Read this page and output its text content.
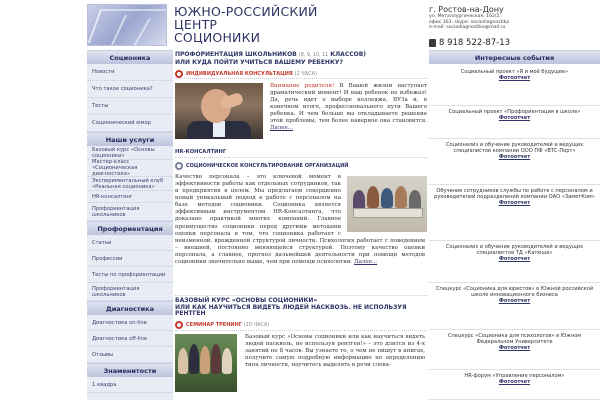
ЮЖНО-РОССИЙСКИЙ
ЦЕНТР
СОЦИОНИКИ
г. Ростов-на-Дону
ул. Металлургическая, 102/2,
офис 303, skype: sociodiagnostika
e-mail: sociodiagnostika@mail.ru
8 918 522-87-13
Соционика
Новости
Что такое соционика?
Тесты
Соционический юмор
Наши услуги
Базовый курс «Основы соционики»
Мастер-класс «Соционическая диагностика»
Экспериментальный клуб «Реальная соционика»
HR-консалтинг
Профориентация школьников
Профориентация
Статьи
Профессии
Тесты по профориентации
Профориентация школьников
Диагностика
Диагностика on-line
Диагностика off-line
Отзывы
Знаменитости
1 квадра
ПРОФОРИЕНТАЦИЯ ШКОЛЬНИКОВ (8, 9, 10, 11 КЛАССОВ)
ИЛИ КУДА ПОЙТИ УЧИТЬСЯ ВАШЕМУ РЕБЕНКУ?
ИНДИВИДУАЛЬНАЯ КОНСУЛЬТАЦИЯ (2 ЧАСА)
Внимание родители! В Вашей жизни наступает драматический момент! И ваш ребенок не избежал! Да, речь идет о выборе колледжа, ВУЗа и, в конечном итоге, профессионального пути Вашего ребенка. И чем больше вы откладываете решение этой проблемы, тем более наверное она становится. Далее...
HR-КОНСАЛТИНГ
СОЦИОНИЧЕСКОЕ КОНСУЛЬТИРОВАНИЕ ОРГАНИЗАЦИЙ
Качество персонала – это ключевой момент в эффективности работы как отдельных сотрудников, так и предприятия в целом. Мы предлагаем совершенно новый уникальный подход к работе с персоналом на базе методов соционики. Соционика является эффективным инструментом HR-Консалтинга, что доказано практикой многих компаний. Главное преимущество соционики перед другими методами оценки персонала в том, что соционика работает с неизменной, врожденной структурой личности. Психология работает с поведением – внешней, постоянно меняющейся структурой. Поэтому качество оценки персонала, а главное, прогноз дальнейшей деятельности при помощи методов соционики значительно выше, чем при помощи психологии. Далее...
БАЗОВЫЙ КУРС «ОСНОВЫ СОЦИОНИКИ»
ИЛИ КАК НАУЧИТЬСЯ ВИДЕТЬ ЛЮДЕЙ НАСКВОЗЬ. НЕ ИСПОЛЬЗУЯ РЕНТГЕН
СЕМИНАР ТРЕНИНГ (20 ЧАСА)
Базовый курс «Основы соционики или как научиться видеть людей насквозь, не используя рентген!» – это длится из 4-х занятий по 8 часов. Вы узнаете то, о чем не пишут в книгах, получите самую подробную информацию по определению типа личности, научитесь выделять в речи слова-
Интересные события
Социальный проект «Я и моё будущее»
Фотоотчет
Социальный проект «Профориентация в школе»
Фотоотчет
Соционализ и обучение руководителей и ведущих специалистов компании ООО ПФ «ВТС-Порт»
Фотоотчет
Обучение сотрудников службы по работе с персоналом и руководителей подразделений компании ОАО «ЗаметКом»
Фотоотчет
Соционализ и обучение руководителей и ведущих специалистов ТД «Катюша»
Фотоотчет
Спецкурс «Соционика для юристов» в Южной российской школе инновационного бизнеса
Фотоотчет
Спецкурс «Соционика для психологов» в Южном Федеральном Университете
Фотоотчет
HR-форум «Управление персоналом»
Фотоотчет
